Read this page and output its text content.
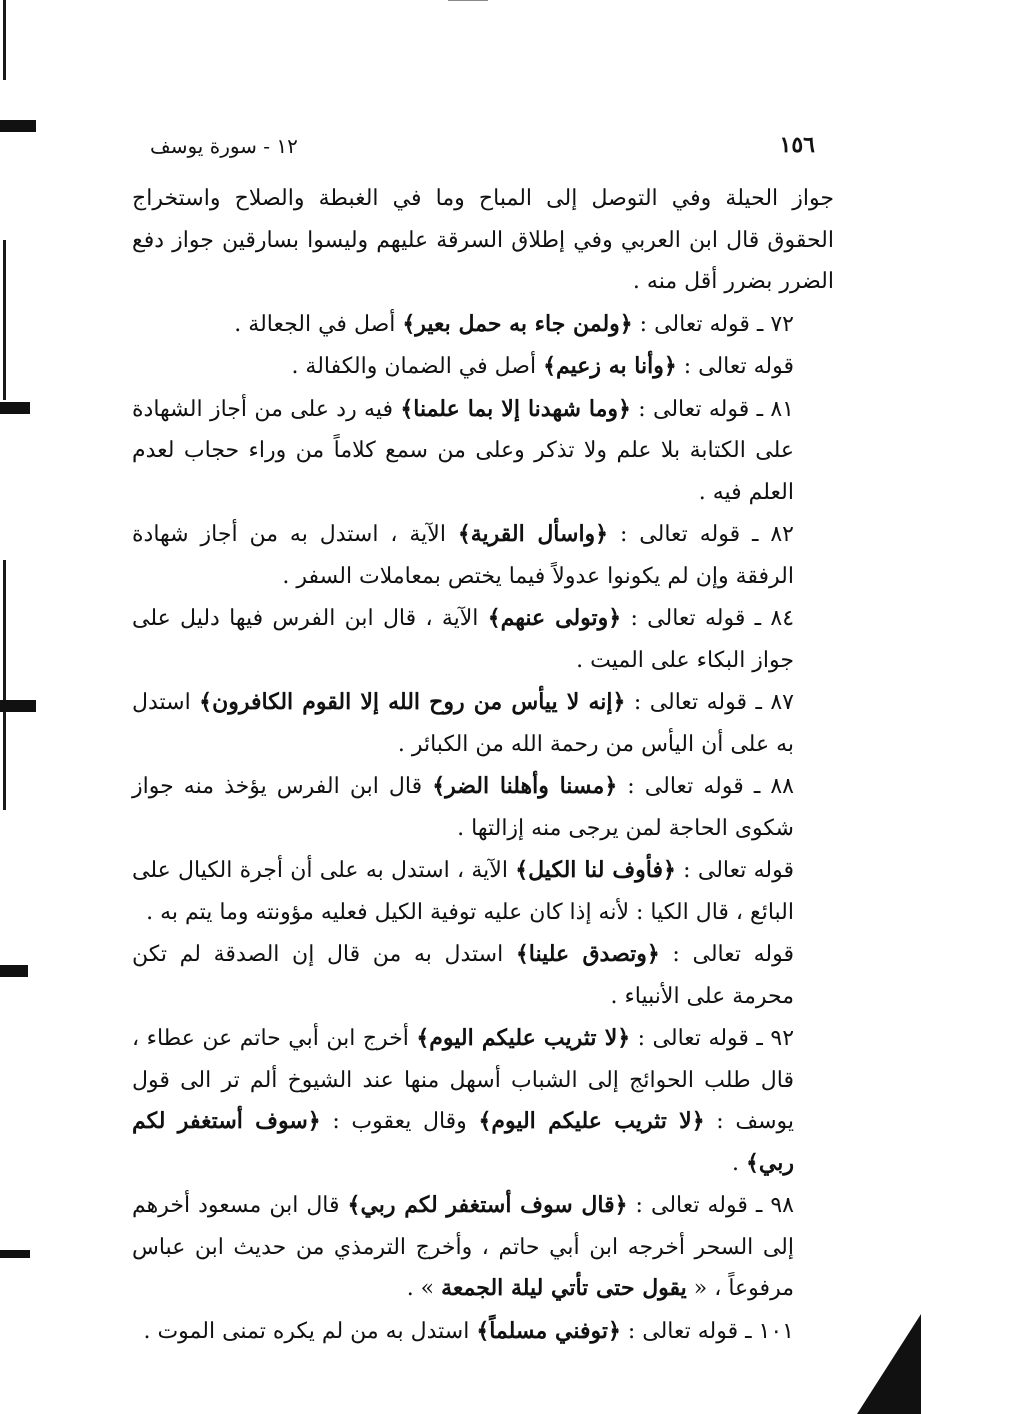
١٥٦
١٢ - سورة يوسف

جواز الحيلة وفي التوصل إلى المباح وما في الغبطة والصلاح واستخراج الحقوق قال ابن العربي وفي إطلاق السرقة عليهم وليسوا بسارقين جواز دفع الضرر بضرر أقل منه .

٧٢ ـ قوله تعالى : ﴿ولمن جاء به حمل بعير﴾ أصل في الجعالة .

قوله تعالى : ﴿وأنا به زعيم﴾ أصل في الضمان والكفالة .

٨١ ـ قوله تعالى : ﴿وما شهدنا إلا بما علمنا﴾ فيه رد على من أجاز الشهادة على الكتابة بلا علم ولا تذكر وعلى من سمع كلاماً من وراء حجاب لعدم العلم فيه .

٨٢ ـ قوله تعالى : ﴿واسأل القرية﴾ الآية ، استدل به من أجاز شهادة الرفقة وإن لم يكونوا عدولاً فيما يختص بمعاملات السفر .

٨٤ ـ قوله تعالى : ﴿وتولى عنهم﴾ الآية ، قال ابن الفرس فيها دليل على جواز البكاء على الميت .

٨٧ ـ قوله تعالى : ﴿إنه لا ييأس من روح الله إلا القوم الكافرون﴾ استدل به على أن اليأس من رحمة الله من الكبائر .

٨٨ ـ قوله تعالى : ﴿مسنا وأهلنا الضر﴾ قال ابن الفرس يؤخذ منه جواز شكوى الحاجة لمن يرجى منه إزالتها .

قوله تعالى : ﴿فأوف لنا الكيل﴾ الآية ، استدل به على أن أجرة الكيال على البائع ، قال الكيا : لأنه إذا كان عليه توفية الكيل فعليه مؤونته وما يتم به .

قوله تعالى : ﴿وتصدق علينا﴾ استدل به من قال إن الصدقة لم تكن محرمة على الأنبياء .

٩٢ ـ قوله تعالى : ﴿لا تثريب عليكم اليوم﴾ أخرج ابن أبي حاتم عن عطاء ، قال طلب الحوائج إلى الشباب أسهل منها عند الشيوخ ألم تر الى قول يوسف : ﴿لا تثريب عليكم اليوم﴾ وقال يعقوب : ﴿سوف أستغفر لكم ربي﴾ .

٩٨ ـ قوله تعالى : ﴿قال سوف أستغفر لكم ربي﴾ قال ابن مسعود أخرهم إلى السحر أخرجه ابن أبي حاتم ، وأخرج الترمذي من حديث ابن عباس مرفوعاً ، « يقول حتى تأتي ليلة الجمعة » .

١٠١ ـ قوله تعالى : ﴿توفني مسلماً﴾ استدل به من لم يكره تمنى الموت .
